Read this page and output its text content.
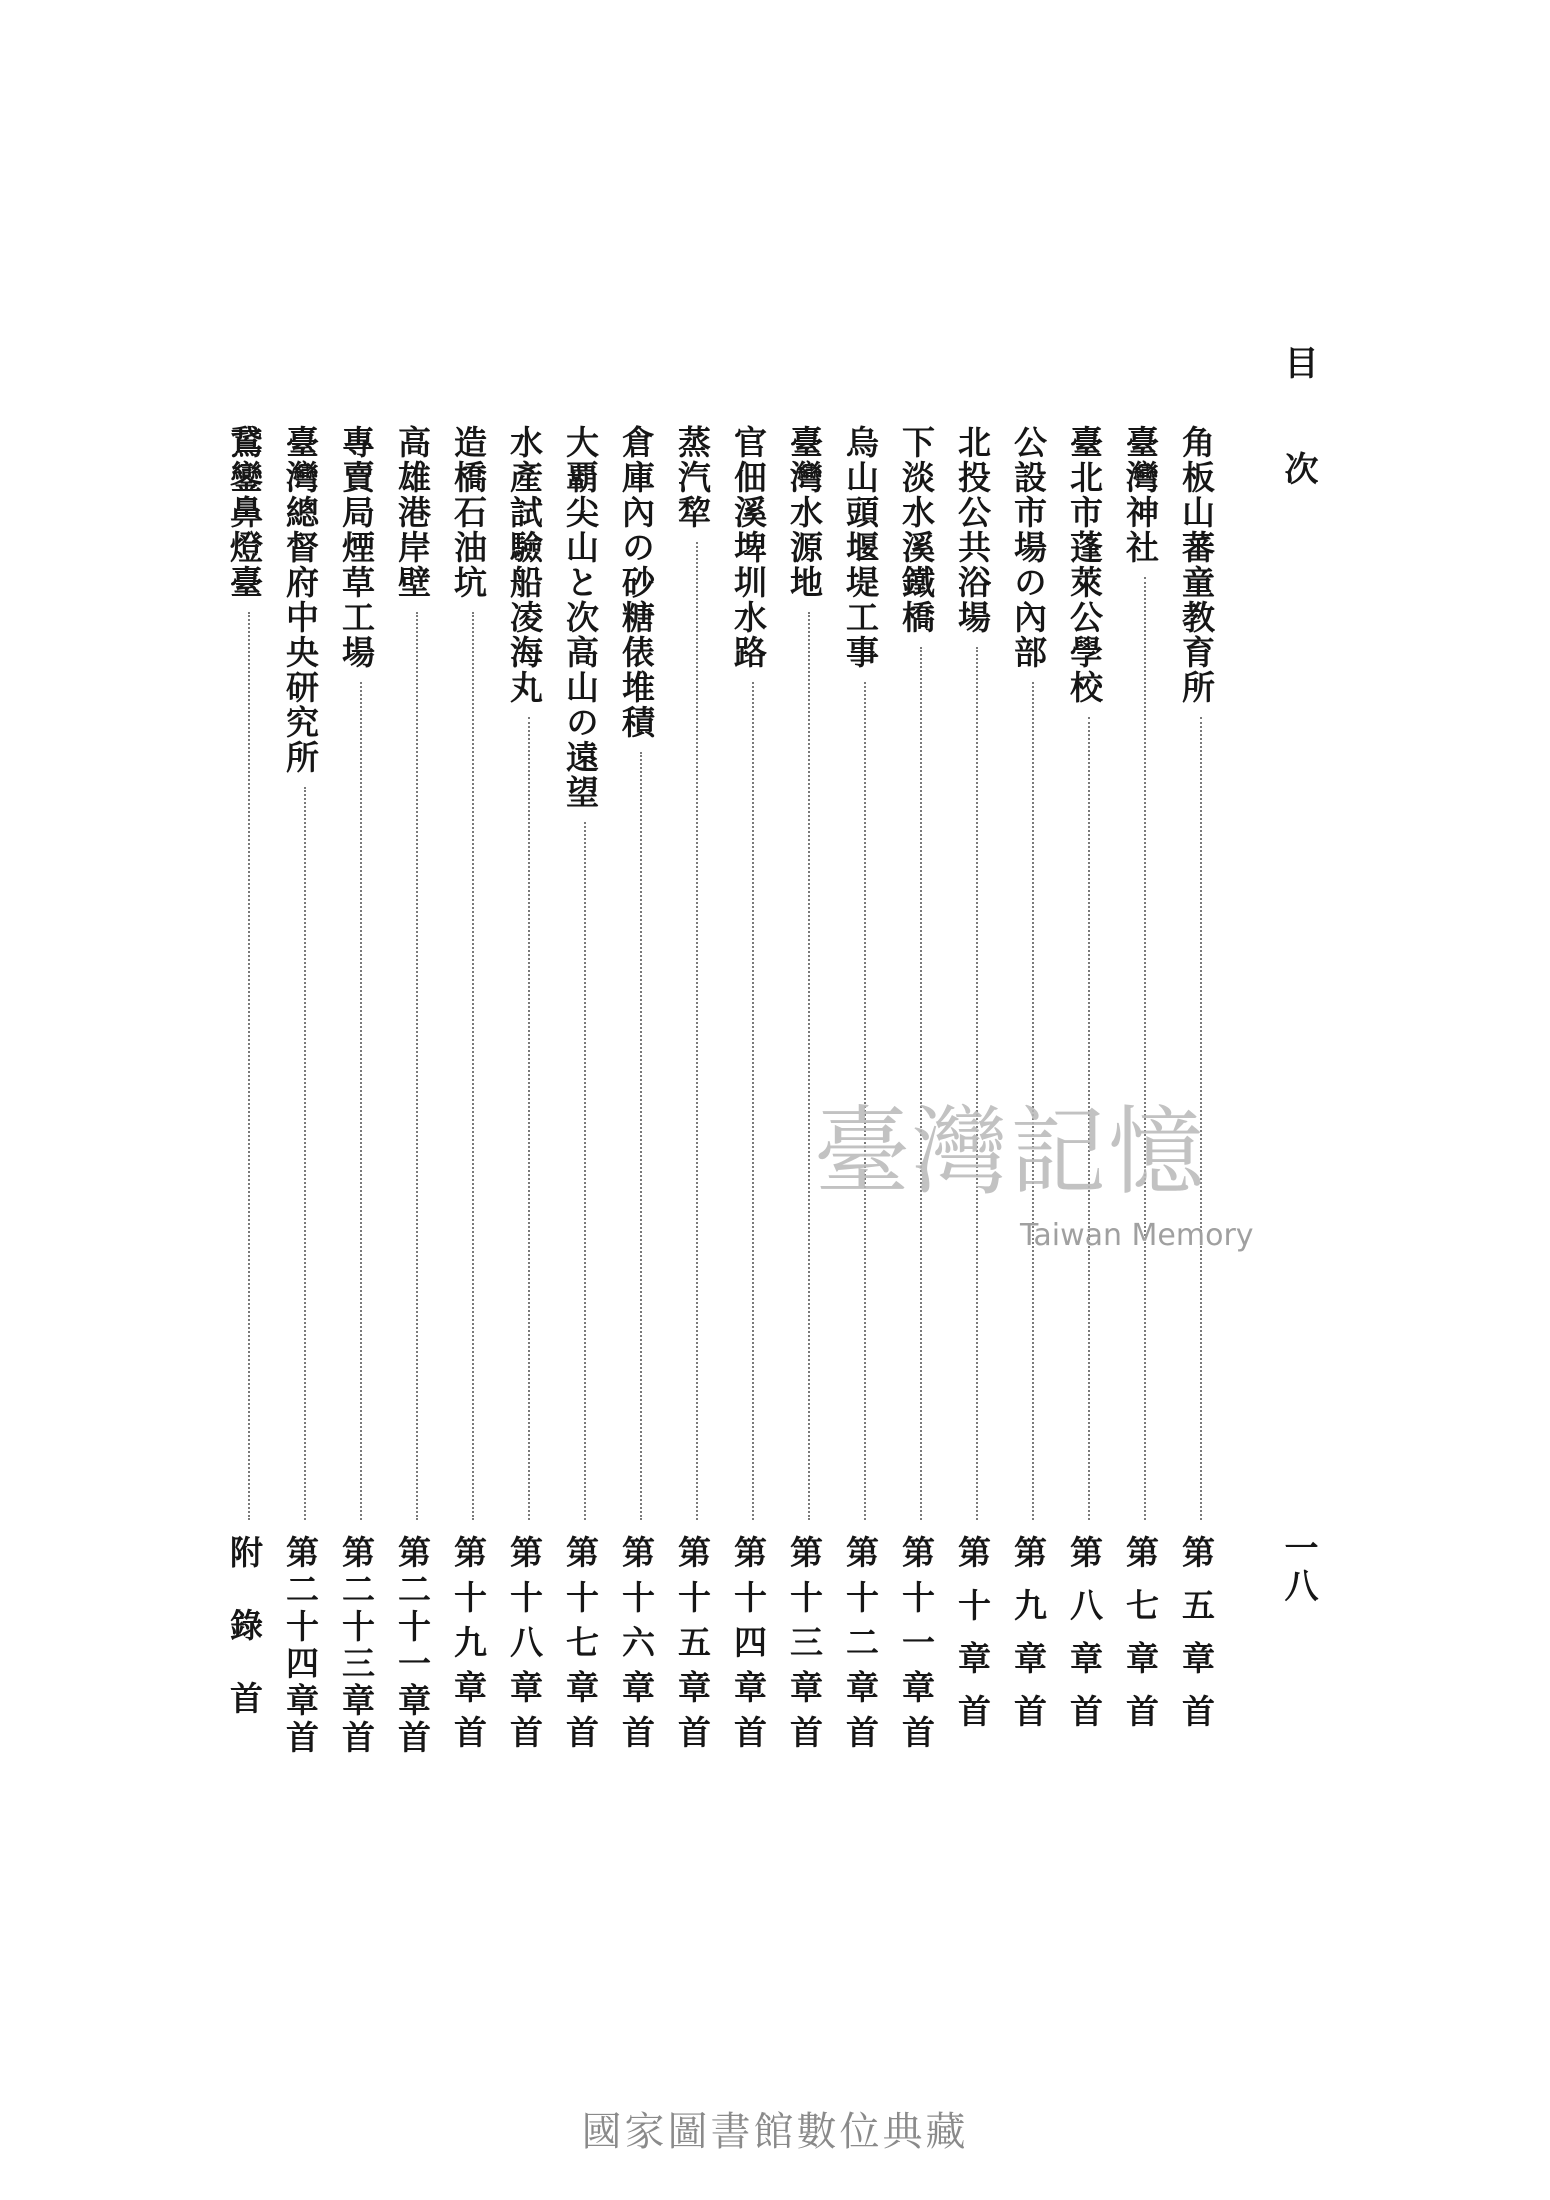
目次
一八
角板山蕃童教育所
第五章首
臺灣神社
第七章首
臺北市蓬萊公學校
第八章首
公設市場の內部
第九章首
北投公共浴場
第十章首
下淡水溪鐵橋
第十一章首
烏山頭堰堤工事
第十二章首
臺灣水源地
第十三章首
官佃溪埤圳水路
第十四章首
蒸汽犂
第十五章首
倉庫內の砂糖俵堆積
第十六章首
大覇尖山と次高山の遠望
第十七章首
水產試驗船凌海丸
第十八章首
造橋石油坑
第十九章首
高雄港岸壁
第二十一章首
專賣局煙草工場
第二十三章首
臺灣總督府中央研究所
第二十四章首
鵞鑾鼻燈臺
附錄首
臺灣記憶
Taiwan Memory
國家圖書館數位典藏
